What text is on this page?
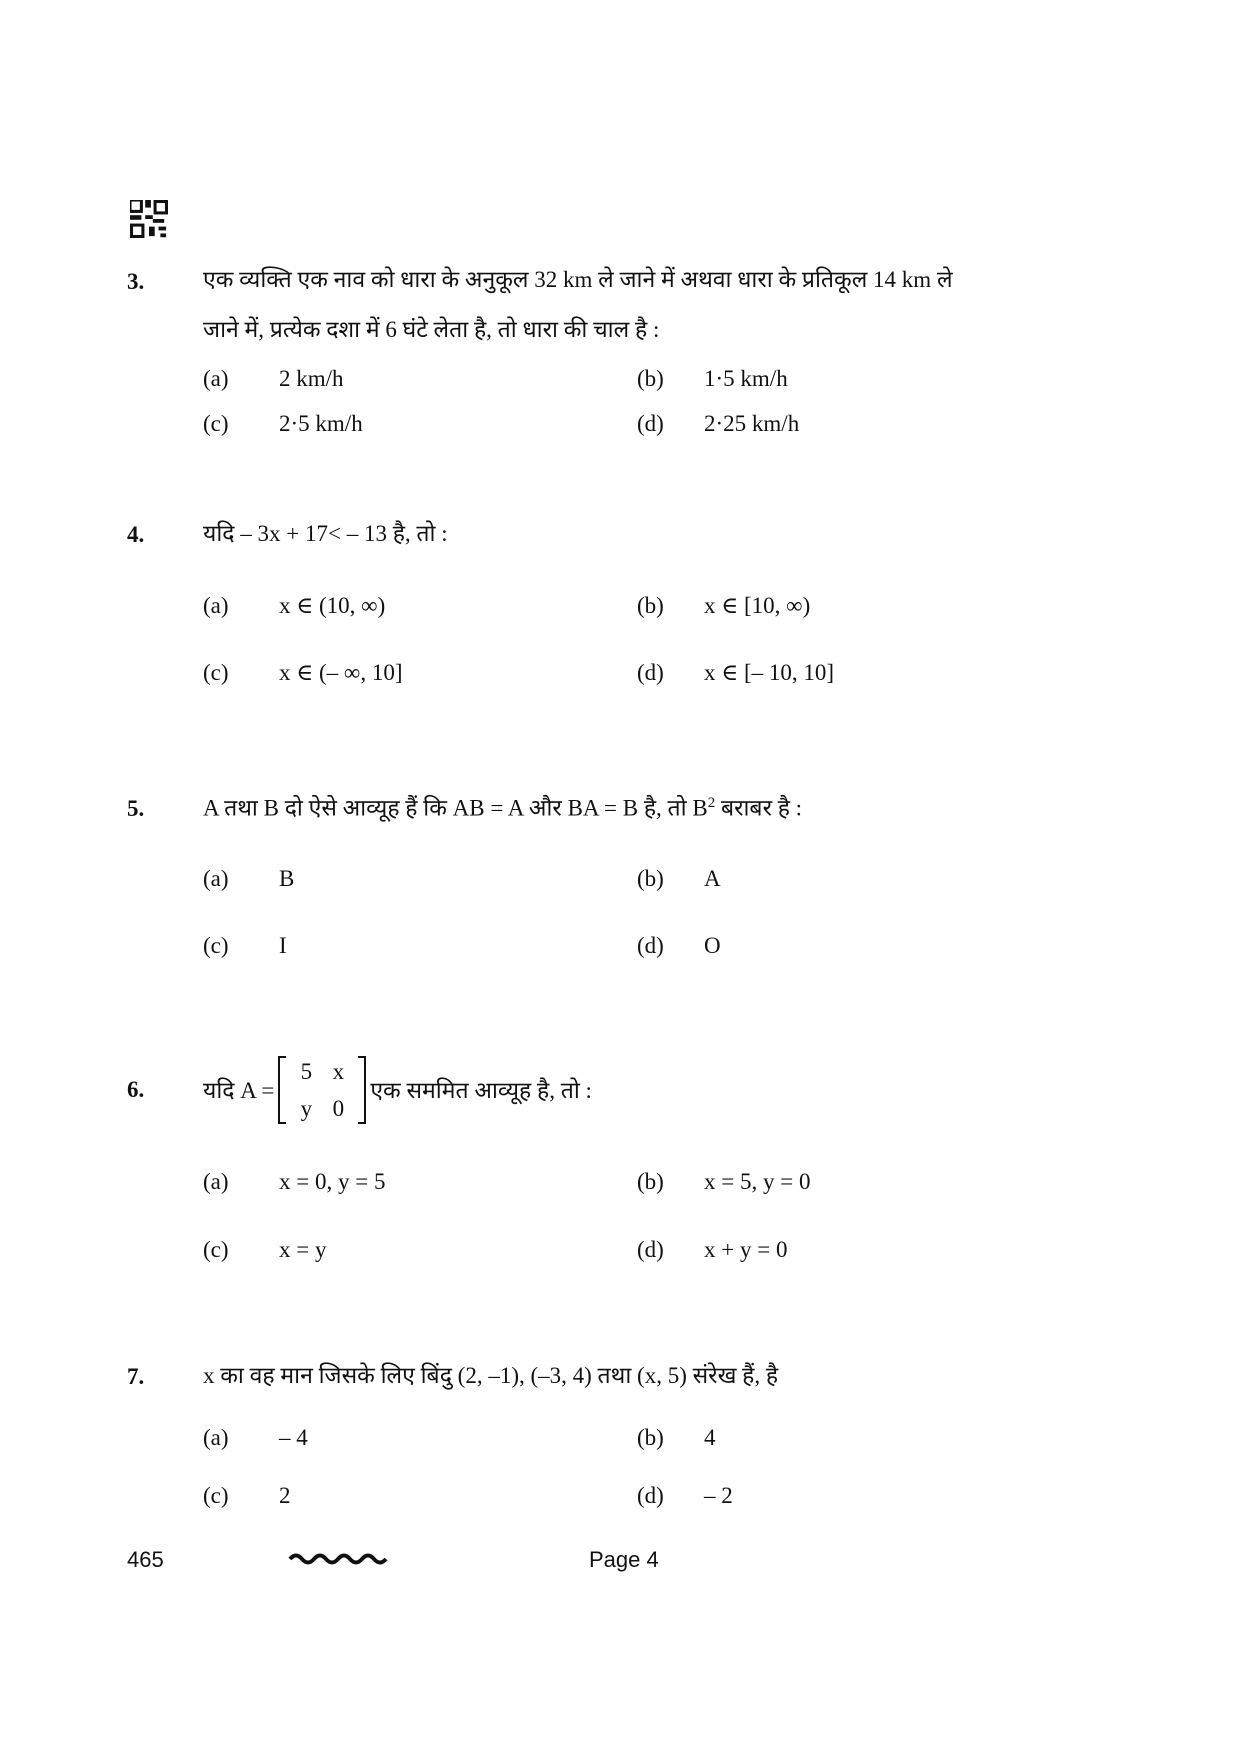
3.	एक व्यक्ति एक नाव को धारा के अनुकूल 32 km ले जाने में अथवा धारा के प्रतिकूल 14 km ले
जाने में, प्रत्येक दशा में 6 घंटे लेता है, तो धारा की चाल है :
(a) 2 km/h	(b) 1·5 km/h
(c) 2·5 km/h	(d) 2·25 km/h
4.	यदि – 3x + 17< – 13 है, तो :
(a) x ∈ (10, ∞)	(b) x ∈ [10, ∞)
(c) x ∈ (– ∞, 10]	(d) x ∈ [– 10, 10]
5.	A तथा B दो ऐसे आव्यूह हैं कि AB = A और BA = B है, तो $B^2$ बराबर है :
(a) B	(b) A
(c) I	(d) O
6.	यदि A =
5 x
y 0
एक सममित आव्यूह है, तो :
(a) x = 0, y = 5	(b) x = 5, y = 0
(c) x = y	(d) x + y = 0
7.	x का वह मान जिसके लिए बिंदु (2, –1), (–3, 4) तथा (x, 5) संरेख हैं, है
(a) – 4	(b) 4
(c) 2	(d) – 2
465	Page 4
